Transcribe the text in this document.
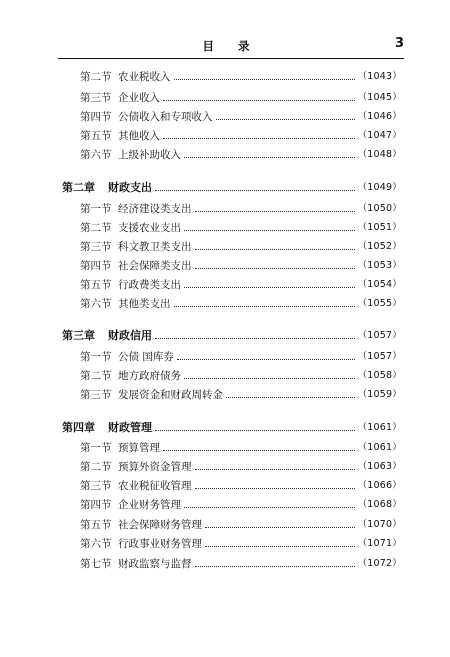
目 录	3
第二节 农业税收入	（1043）
第三节 企业收入	（1045）
第四节 公债收入和专项收入	（1046）
第五节 其他收入	（1047）
第六节 上级补助收入	（1048）
第二章	财政支出	（1049）
第一节 经济建设类支出	（1050）
第二节 支援农业支出	（1051）
第三节 科文教卫类支出	（1052）
第四节 社会保障类支出	（1053）
第五节 行政费类支出	（1054）
第六节 其他类支出	（1055）
第三章	财政信用	（1057）
第一节 公债 国库券	（1057）
第二节 地方政府债务	（1058）
第三节 发展资金和财政周转金	（1059）
第四章	财政管理	（1061）
第一节 预算管理	（1061）
第二节 预算外资金管理	（1063）
第三节 农业税征收管理	（1066）
第四节 企业财务管理	（1068）
第五节 社会保障财务管理	（1070）
第六节 行政事业财务管理	（1071）
第七节 财政监察与监督	（1072）
